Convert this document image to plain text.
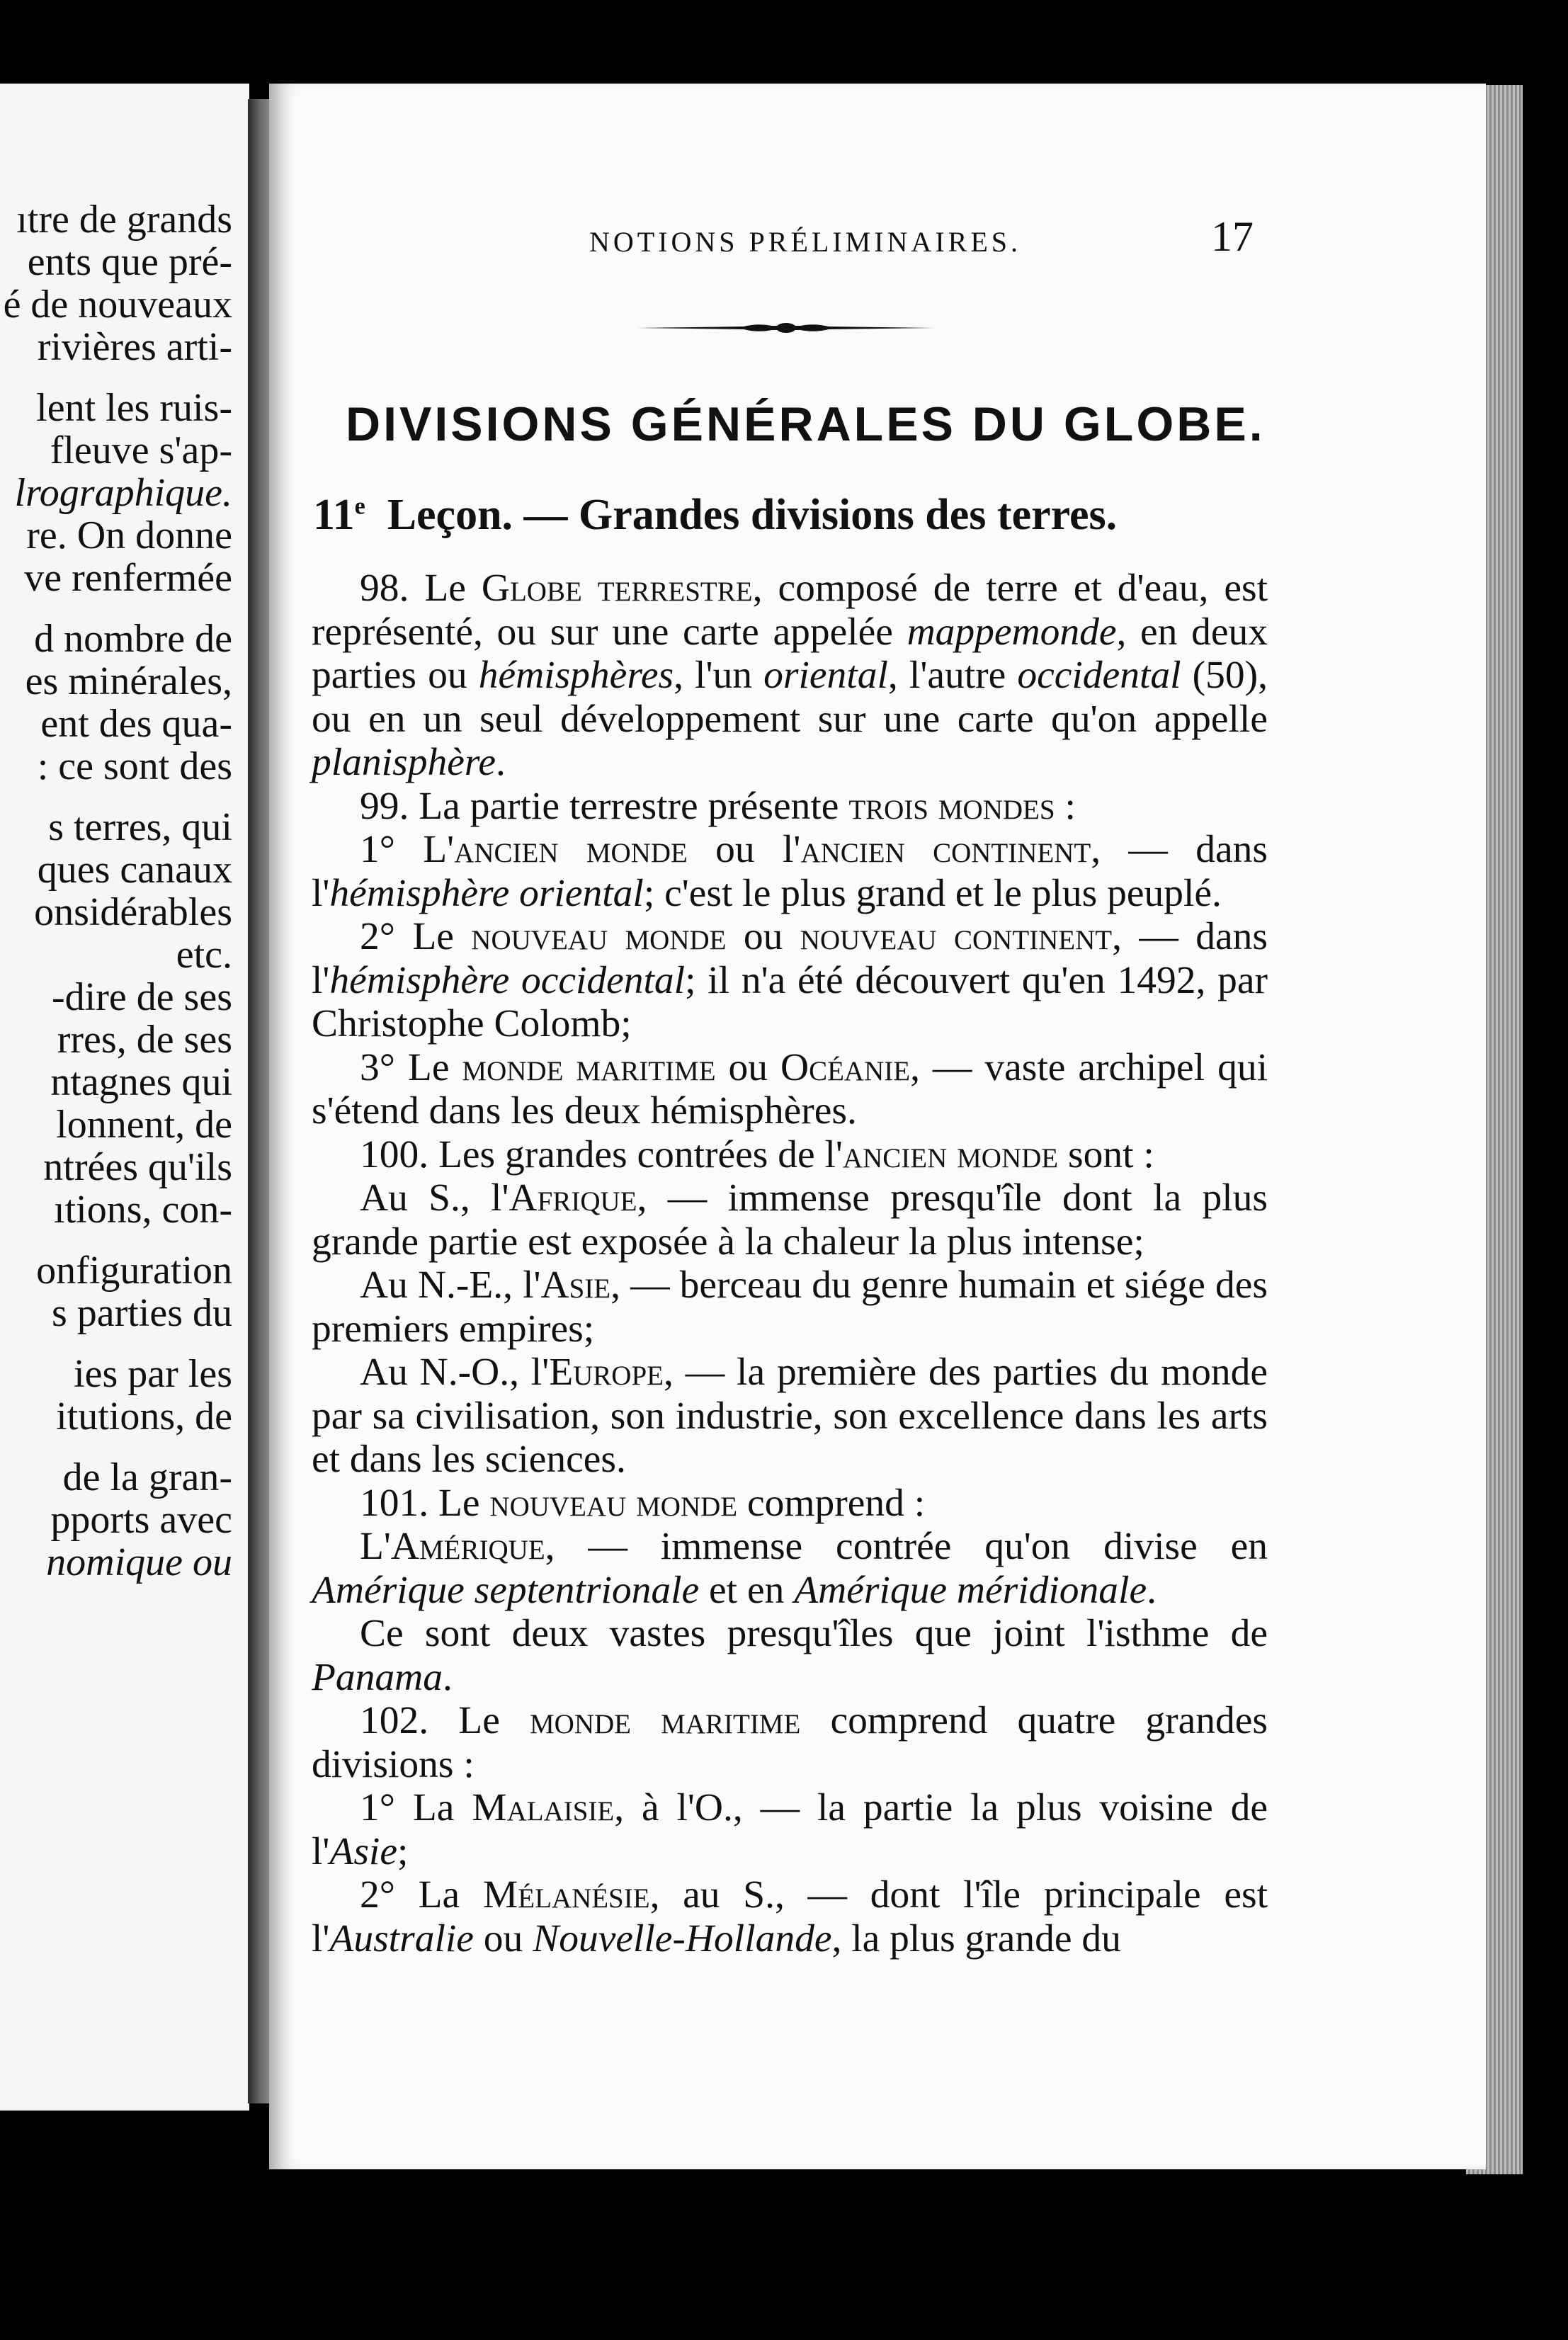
ıtre de grands
ents que pré-
é de nouveaux
rivières arti-
lent les ruis-
fleuve s'ap-
lrographique.
re. On donne
ve renfermée
d nombre de
es minérales,
ent des qua-
: ce sont des
s terres, qui
ques canaux
onsidérables
etc.
-dire de ses
rres, de ses
ntagnes qui
lonnent, de
ntrées qu'ils
ıtions, con-
onfiguration
s parties du
ies par les
itutions, de
de la gran-
pports avec
nomique ou
NOTIONS PRÉLIMINAIRES.	17
DIVISIONS GÉNÉRALES DU GLOBE.
11e Leçon. — Grandes divisions des terres.

98. Le Globe terrestre, composé de terre et d'eau, est représenté, ou sur une carte appelée mappemonde, en deux parties ou hémisphères, l'un oriental, l'autre occidental (50), ou en un seul développement sur une carte qu'on appelle planisphère.

99. La partie terrestre présente trois mondes :

1° L'ancien monde ou l'ancien continent, — dans l'hémisphère oriental; c'est le plus grand et le plus peuplé.

2° Le nouveau monde ou nouveau continent, — dans l'hémisphère occidental; il n'a été découvert qu'en 1492, par Christophe Colomb;

3° Le monde maritime ou Océanie, — vaste archipel qui s'étend dans les deux hémisphères.

100. Les grandes contrées de l'ancien monde sont :

Au S., l'Afrique, — immense presqu'île dont la plus grande partie est exposée à la chaleur la plus intense;

Au N.-E., l'Asie, — berceau du genre humain et siége des premiers empires;

Au N.-O., l'Europe, — la première des parties du monde par sa civilisation, son industrie, son excellence dans les arts et dans les sciences.

101. Le nouveau monde comprend :

L'Amérique, — immense contrée qu'on divise en Amérique septentrionale et en Amérique méridionale.

Ce sont deux vastes presqu'îles que joint l'isthme de Panama.

102. Le monde maritime comprend quatre grandes divisions :

1° La Malaisie, à l'O., — la partie la plus voisine de l'Asie;

2° La Mélanésie, au S., — dont l'île principale est l'Australie ou Nouvelle-Hollande, la plus grande du
